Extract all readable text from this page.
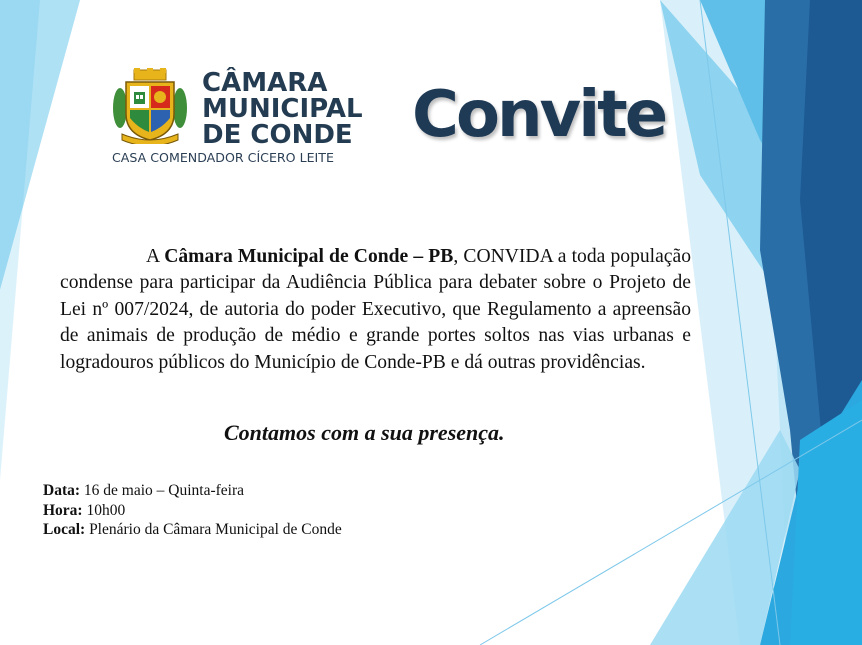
CÂMARA
MUNICIPAL
DE CONDE
CASA COMENDADOR CÍCERO LEITE
Convite

A Câmara Municipal de Conde – PB, CONVIDA a toda população condense para participar da Audiência Pública para debater sobre o Projeto de Lei nº 007/2024, de autoria do poder Executivo, que Regulamento a apreensão de animais de produção de médio e grande portes soltos nas vias urbanas e logradouros públicos do Município de Conde-PB e dá outras providências.

Contamos com a sua presença.
Data: 16 de maio – Quinta-feira
Hora: 10h00
Local: Plenário da Câmara Municipal de Conde
